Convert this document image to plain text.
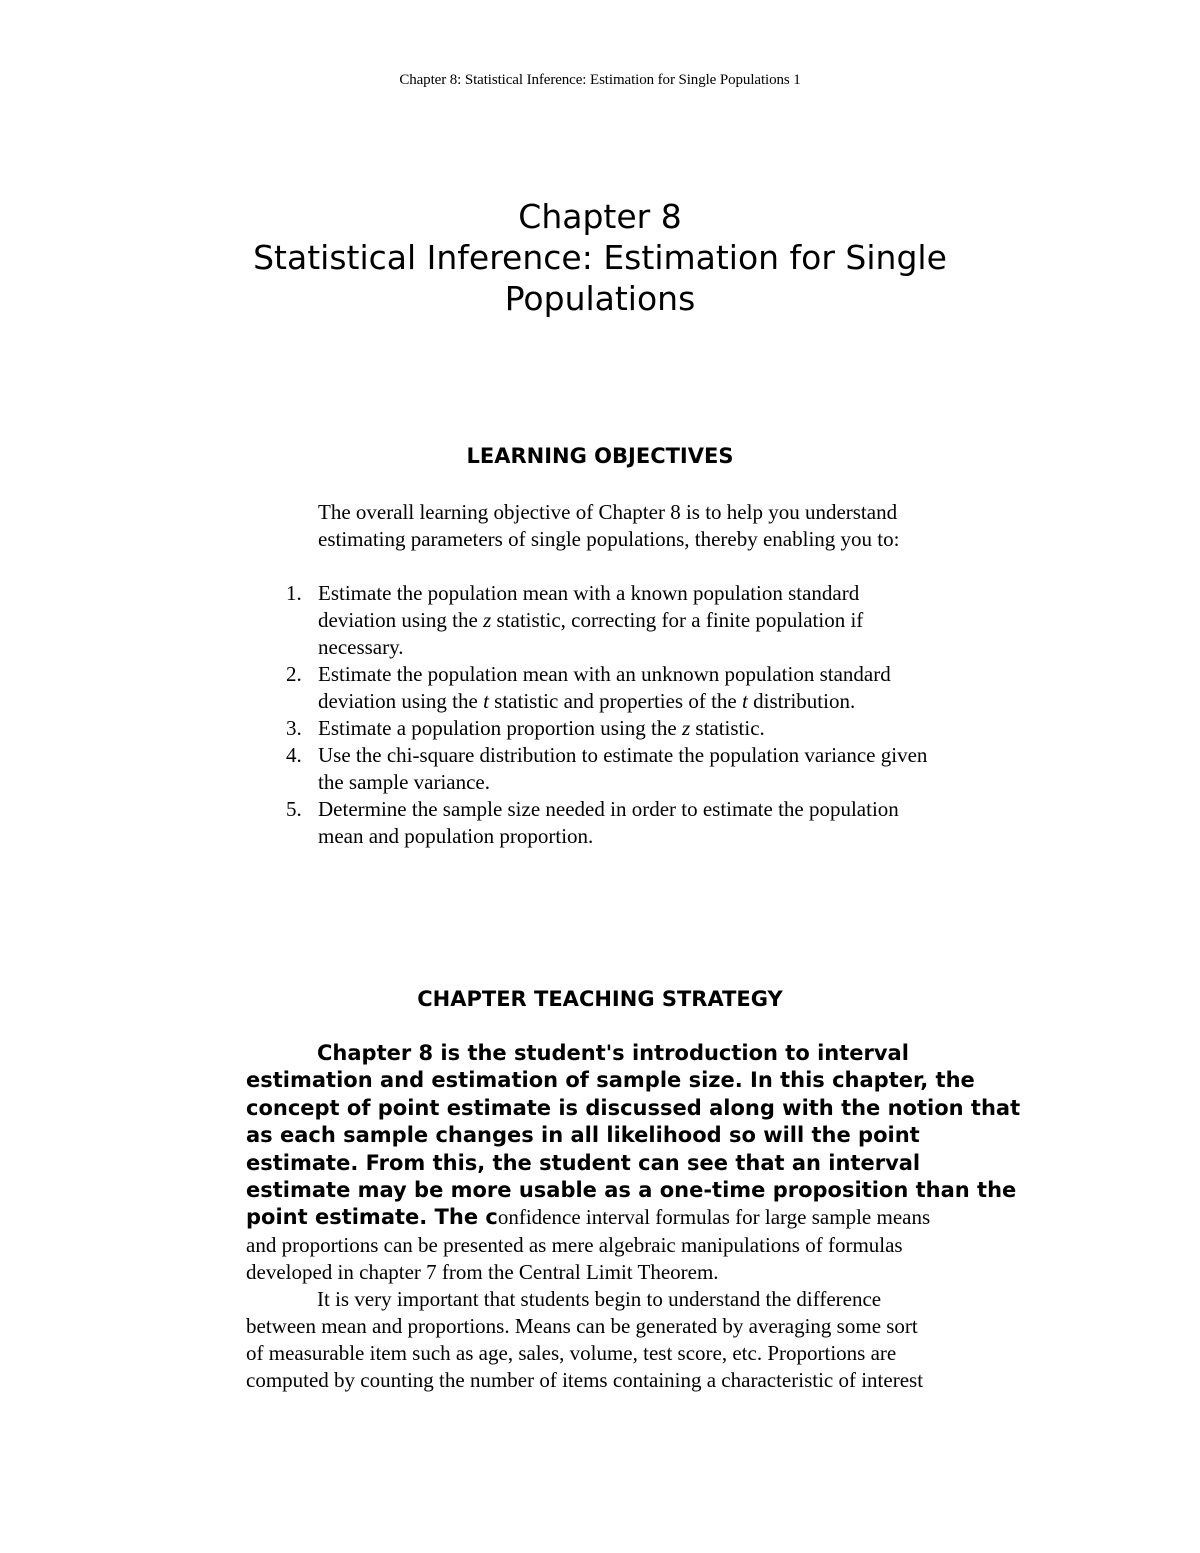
Chapter 8: Statistical Inference: Estimation for Single Populations 1
Chapter 8
Statistical Inference: Estimation for Single
Populations
LEARNING OBJECTIVES
The overall learning objective of Chapter 8 is to help you understand
estimating parameters of single populations, thereby enabling you to:
1. Estimate the population mean with a known population standard
deviation using the z statistic, correcting for a finite population if
necessary.
2. Estimate the population mean with an unknown population standard
deviation using the t statistic and properties of the t distribution.
3. Estimate a population proportion using the z statistic.
4. Use the chi-square distribution to estimate the population variance given
the sample variance.
5. Determine the sample size needed in order to estimate the population
mean and population proportion.
CHAPTER TEACHING STRATEGY
Chapter 8 is the student's introduction to interval
estimation and estimation of sample size. In this chapter, the
concept of point estimate is discussed along with the notion that
as each sample changes in all likelihood so will the point
estimate. From this, the student can see that an interval
estimate may be more usable as a one-time proposition than the
point estimate. The confidence interval formulas for large sample means
and proportions can be presented as mere algebraic manipulations of formulas
developed in chapter 7 from the Central Limit Theorem.
It is very important that students begin to understand the difference
between mean and proportions. Means can be generated by averaging some sort
of measurable item such as age, sales, volume, test score, etc. Proportions are
computed by counting the number of items containing a characteristic of interest
